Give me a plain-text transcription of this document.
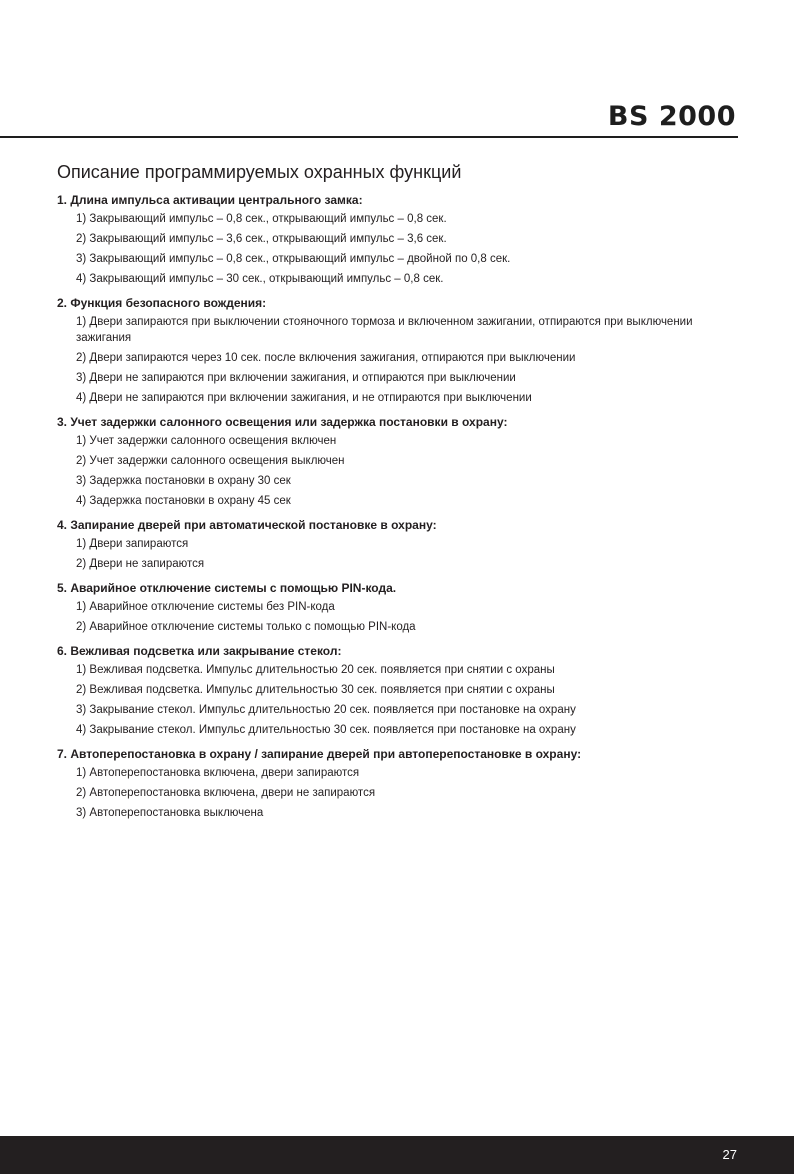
BS 2000
Описание программируемых охранных функций
1. Длина импульса активации центрального замка:
1) Закрывающий импульс – 0,8 сек., открывающий импульс – 0,8 сек.
2) Закрывающий импульс – 3,6 сек., открывающий импульс – 3,6 сек.
3) Закрывающий импульс – 0,8 сек., открывающий импульс – двойной по 0,8 сек.
4) Закрывающий импульс – 30 сек., открывающий импульс – 0,8 сек.
2. Функция безопасного вождения:
1) Двери запираются при выключении стояночного тормоза и включенном зажигании, отпираются при выключении зажигания
2) Двери запираются через 10 сек. после включения зажигания, отпираются при выключении
3) Двери не запираются при включении зажигания, и отпираются при выключении
4) Двери не запираются при включении зажигания, и не отпираются при выключении
3. Учет задержки салонного освещения или задержка постановки в охрану:
1) Учет задержки салонного освещения включен
2) Учет задержки салонного освещения выключен
3) Задержка постановки в охрану 30 сек
4) Задержка постановки в охрану 45 сек
4. Запирание дверей при автоматической постановке в охрану:
1) Двери запираются
2) Двери не запираются
5. Аварийное отключение системы с помощью PIN-кода.
1) Аварийное отключение системы без PIN-кода
2) Аварийное отключение системы только с помощью PIN-кода
6. Вежливая подсветка или закрывание стекол:
1) Вежливая подсветка. Импульс длительностью 20 сек. появляется при снятии с охраны
2) Вежливая подсветка. Импульс длительностью 30 сек. появляется при снятии с охраны
3) Закрывание стекол. Импульс длительностью 20 сек. появляется при постановке на охрану
4) Закрывание стекол. Импульс длительностью 30 сек. появляется при постановке на охрану
7. Автоперепостановка в охрану / запирание дверей при автоперепостановке в охрану:
1) Автоперепостановка включена, двери запираются
2) Автоперепостановка включена, двери не запираются
3) Автоперепостановка выключена
27
